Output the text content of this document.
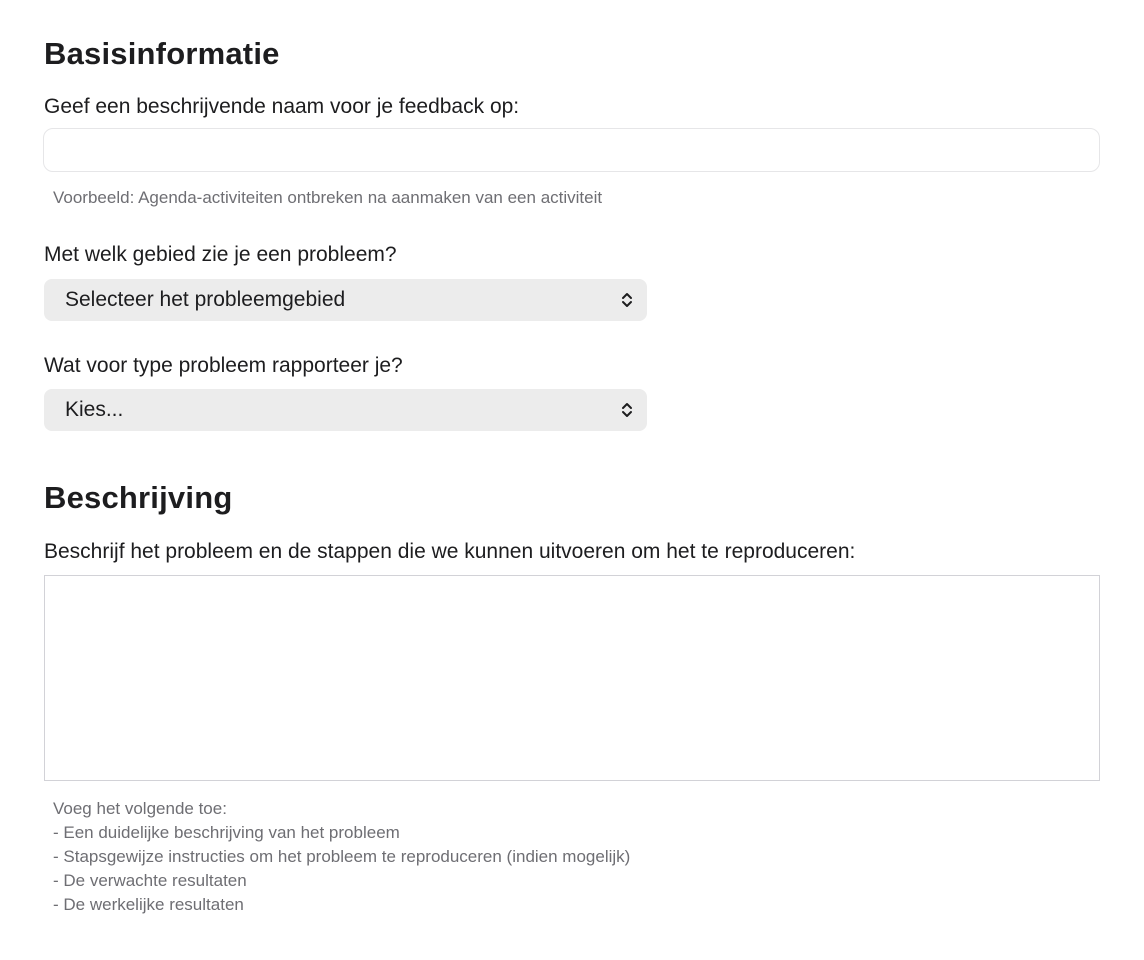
Basisinformatie
Geef een beschrijvende naam voor je feedback op:
Voorbeeld: Agenda-activiteiten ontbreken na aanmaken van een activiteit
Met welk gebied zie je een probleem?
Selecteer het probleemgebied
Wat voor type probleem rapporteer je?
Kies...
Beschrijving
Beschrijf het probleem en de stappen die we kunnen uitvoeren om het te reproduceren:
Voeg het volgende toe:
- Een duidelijke beschrijving van het probleem
- Stapsgewijze instructies om het probleem te reproduceren (indien mogelijk)
- De verwachte resultaten
- De werkelijke resultaten
